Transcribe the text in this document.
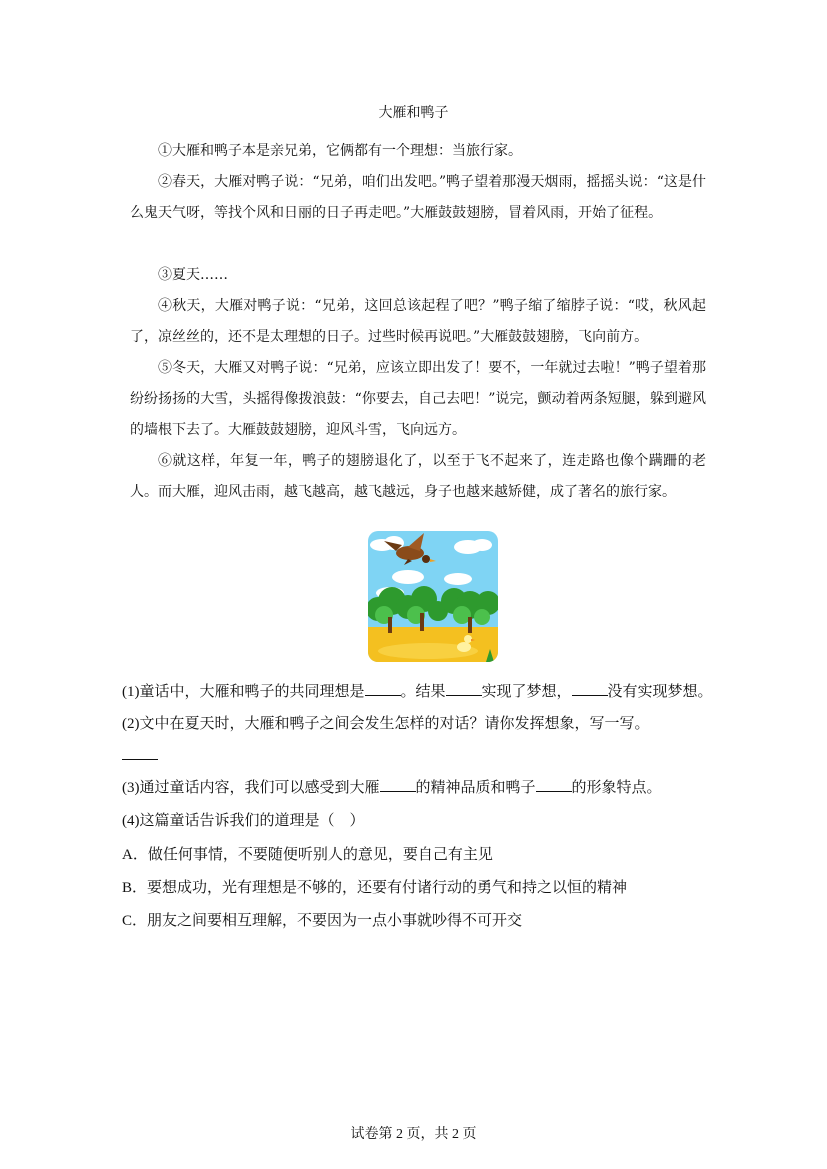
大雁和鸭子
①大雁和鸭子本是亲兄弟，它俩都有一个理想：当旅行家。
②春天，大雁对鸭子说：“兄弟，咱们出发吧。”鸭子望着那漫天烟雨，摇摇头说：“这是什么鬼天气呀，等找个风和日丽的日子再走吧。”大雁鼓鼓翅膀，冒着风雨，开始了征程。
③夏天……
④秋天，大雁对鸭子说：“兄弟，这回总该起程了吧？”鸭子缩了缩脖子说：“哎，秋风起了，凉丝丝的，还不是太理想的日子。过些时候再说吧。”大雁鼓鼓翅膀，飞向前方。
⑤冬天，大雁又对鸭子说：“兄弟，应该立即出发了！要不，一年就过去啦！”鸭子望着那纷纷扬扬的大雪，头摇得像拨浪鼓：“你要去，自己去吧！”说完，颤动着两条短腿，躲到避风的墙根下去了。大雁鼓鼓翅膀，迎风斗雪，飞向远方。
⑥就这样，年复一年，鸭子的翅膀退化了，以至于飞不起来了，连走路也像个蹒跚的老人。而大雁，迎风击雨，越飞越高，越飞越远，身子也越来越矫健，成了著名的旅行家。
(1)童话中，大雁和鸭子的共同理想是 。结果 实现了梦想， 没有实现梦想。
(2)文中在夏天时，大雁和鸭子之间会发生怎样的对话？请你发挥想象，写一写。
(3)通过童话内容，我们可以感受到大雁 的精神品质和鸭子 的形象特点。
(4)这篇童话告诉我们的道理是（　）
A．做任何事情，不要随便听别人的意见，要自己有主见
B．要想成功，光有理想是不够的，还要有付诸行动的勇气和持之以恒的精神
C．朋友之间要相互理解，不要因为一点小事就吵得不可开交
试卷第 2 页，共 2 页
